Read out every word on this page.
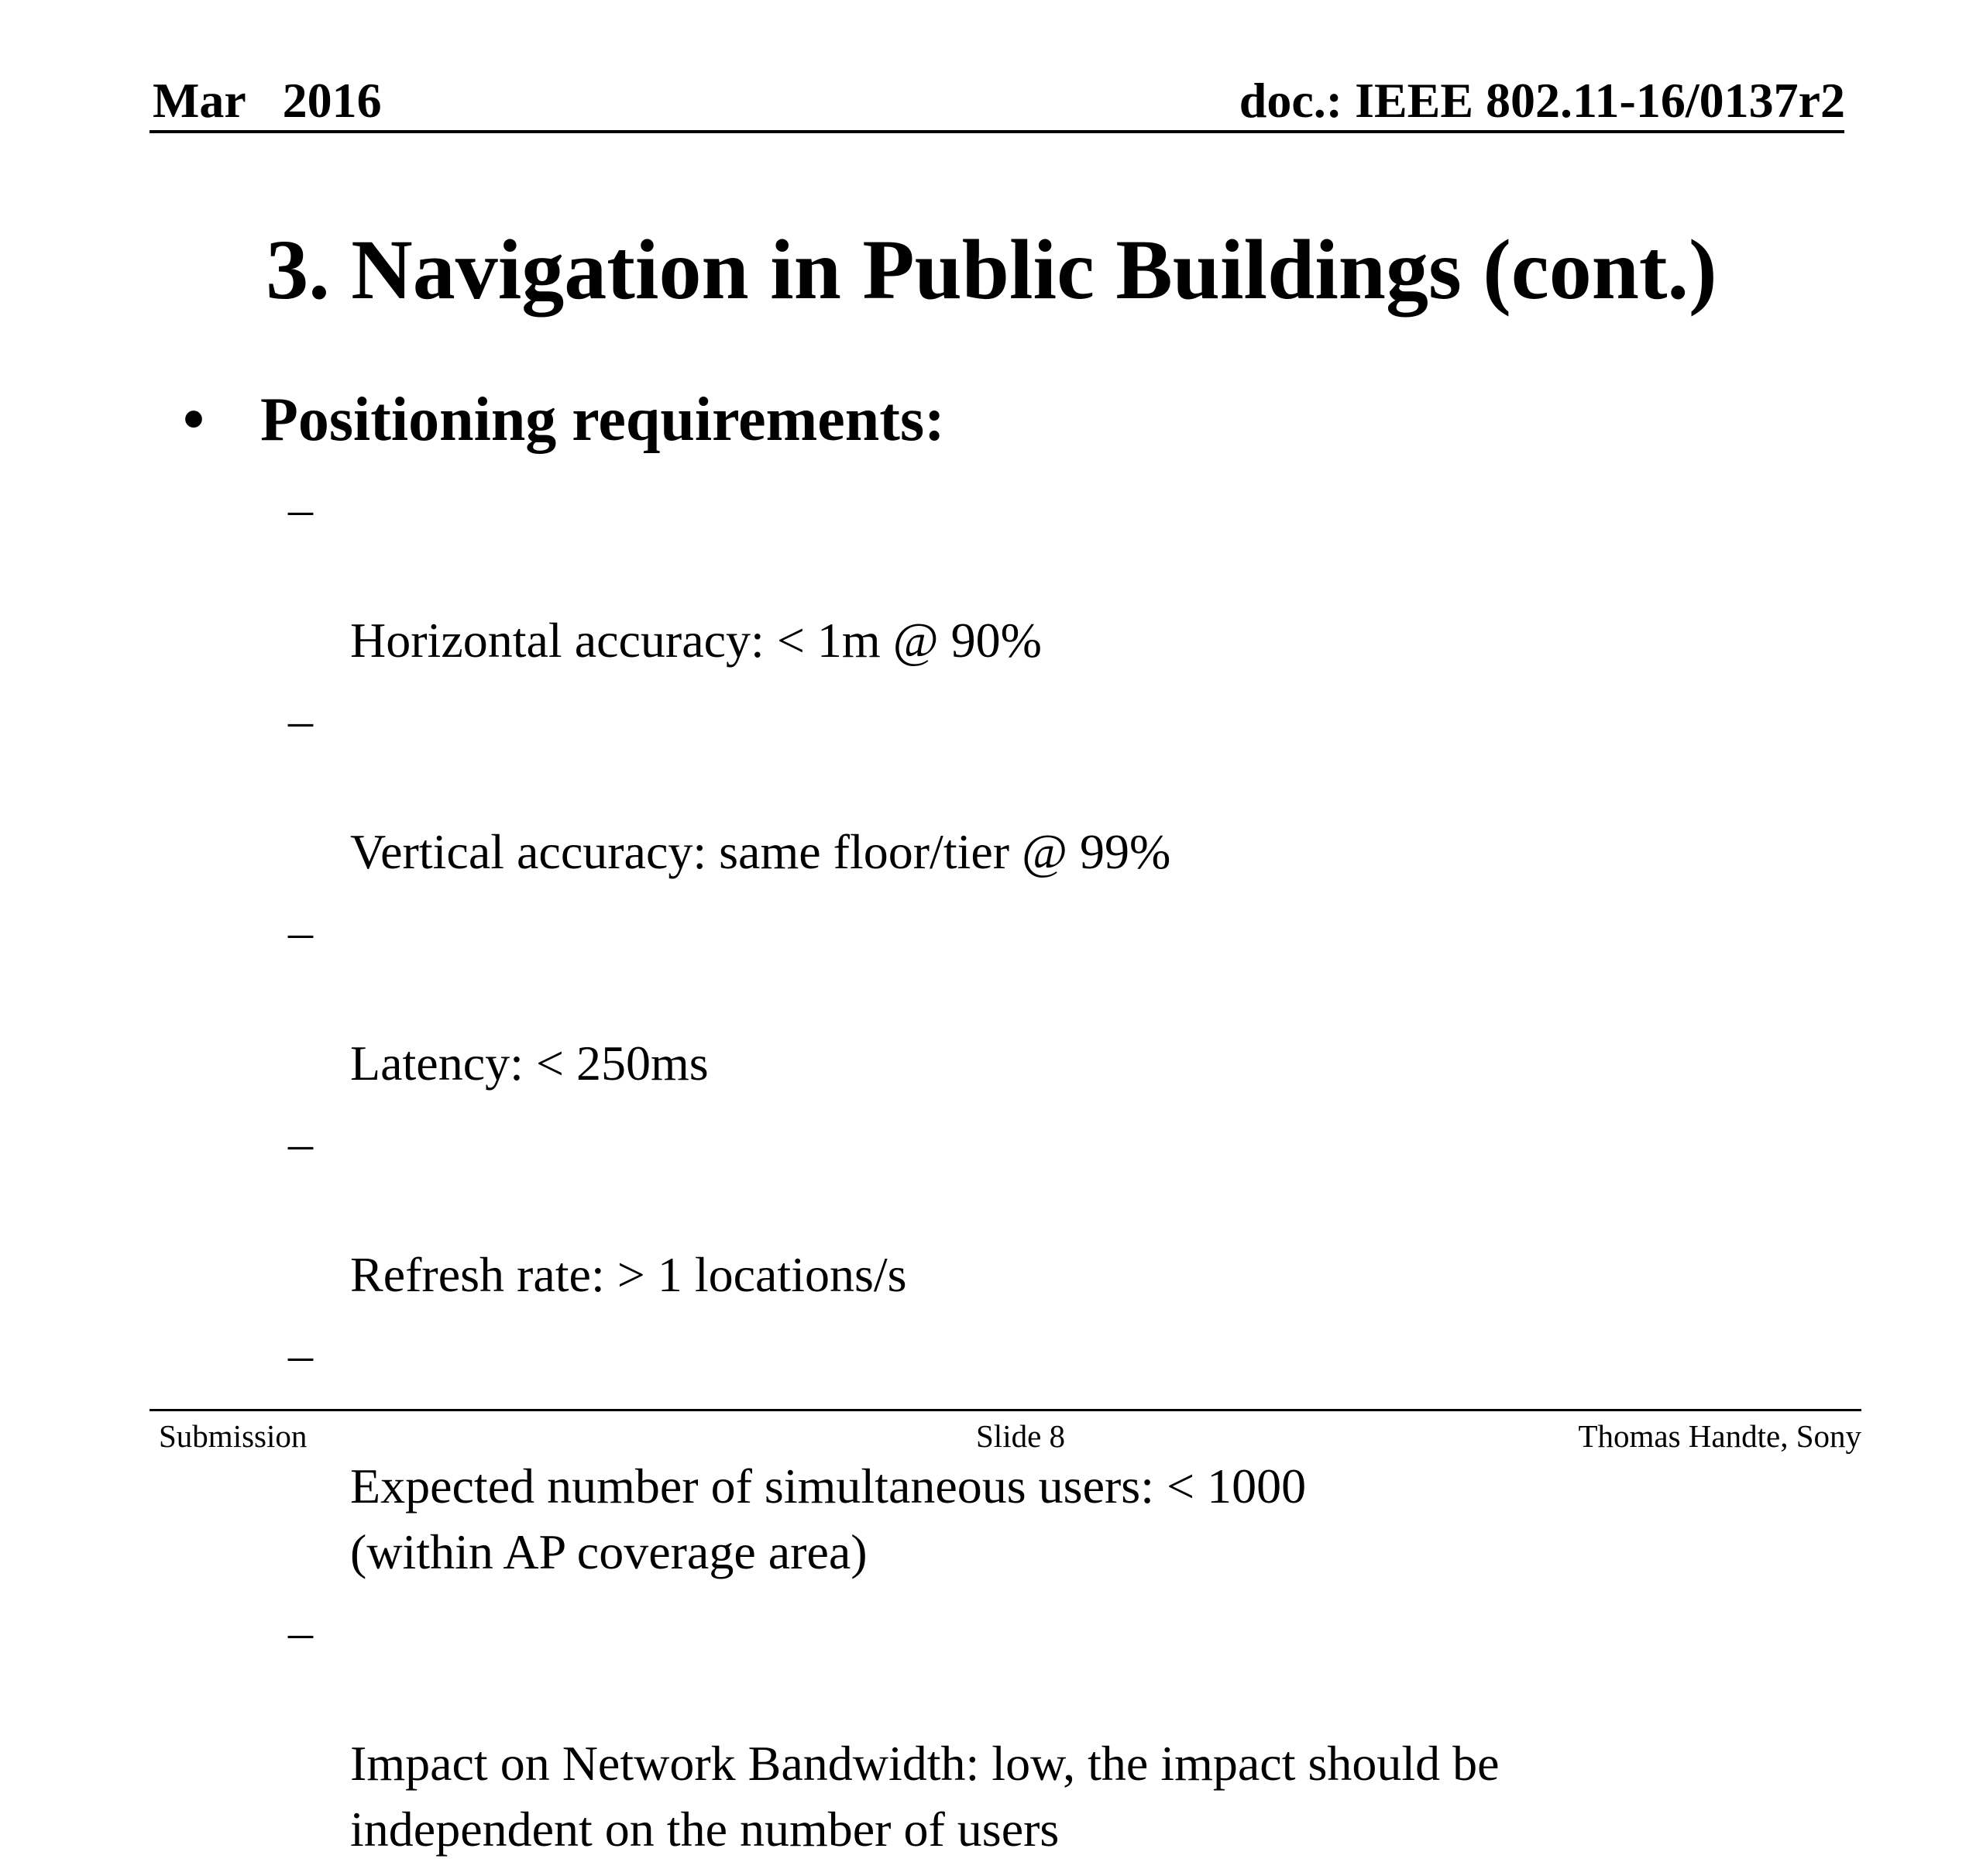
Mar   2016	doc.: IEEE 802.11-16/0137r2
3. Navigation in Public Buildings (cont.)
• Positioning requirements:

–

Horizontal accuracy: < 1m @ 90%

–

Vertical accuracy: same floor/tier @ 99%

–

Latency: < 250ms

–

Refresh rate: > 1 locations/s

–

Expected number of simultaneous users: < 1000
(within AP coverage area)

–

Impact on Network Bandwidth: low, the impact should be
independent on the number of users

Submission	Slide 8	Thomas Handte, Sony
